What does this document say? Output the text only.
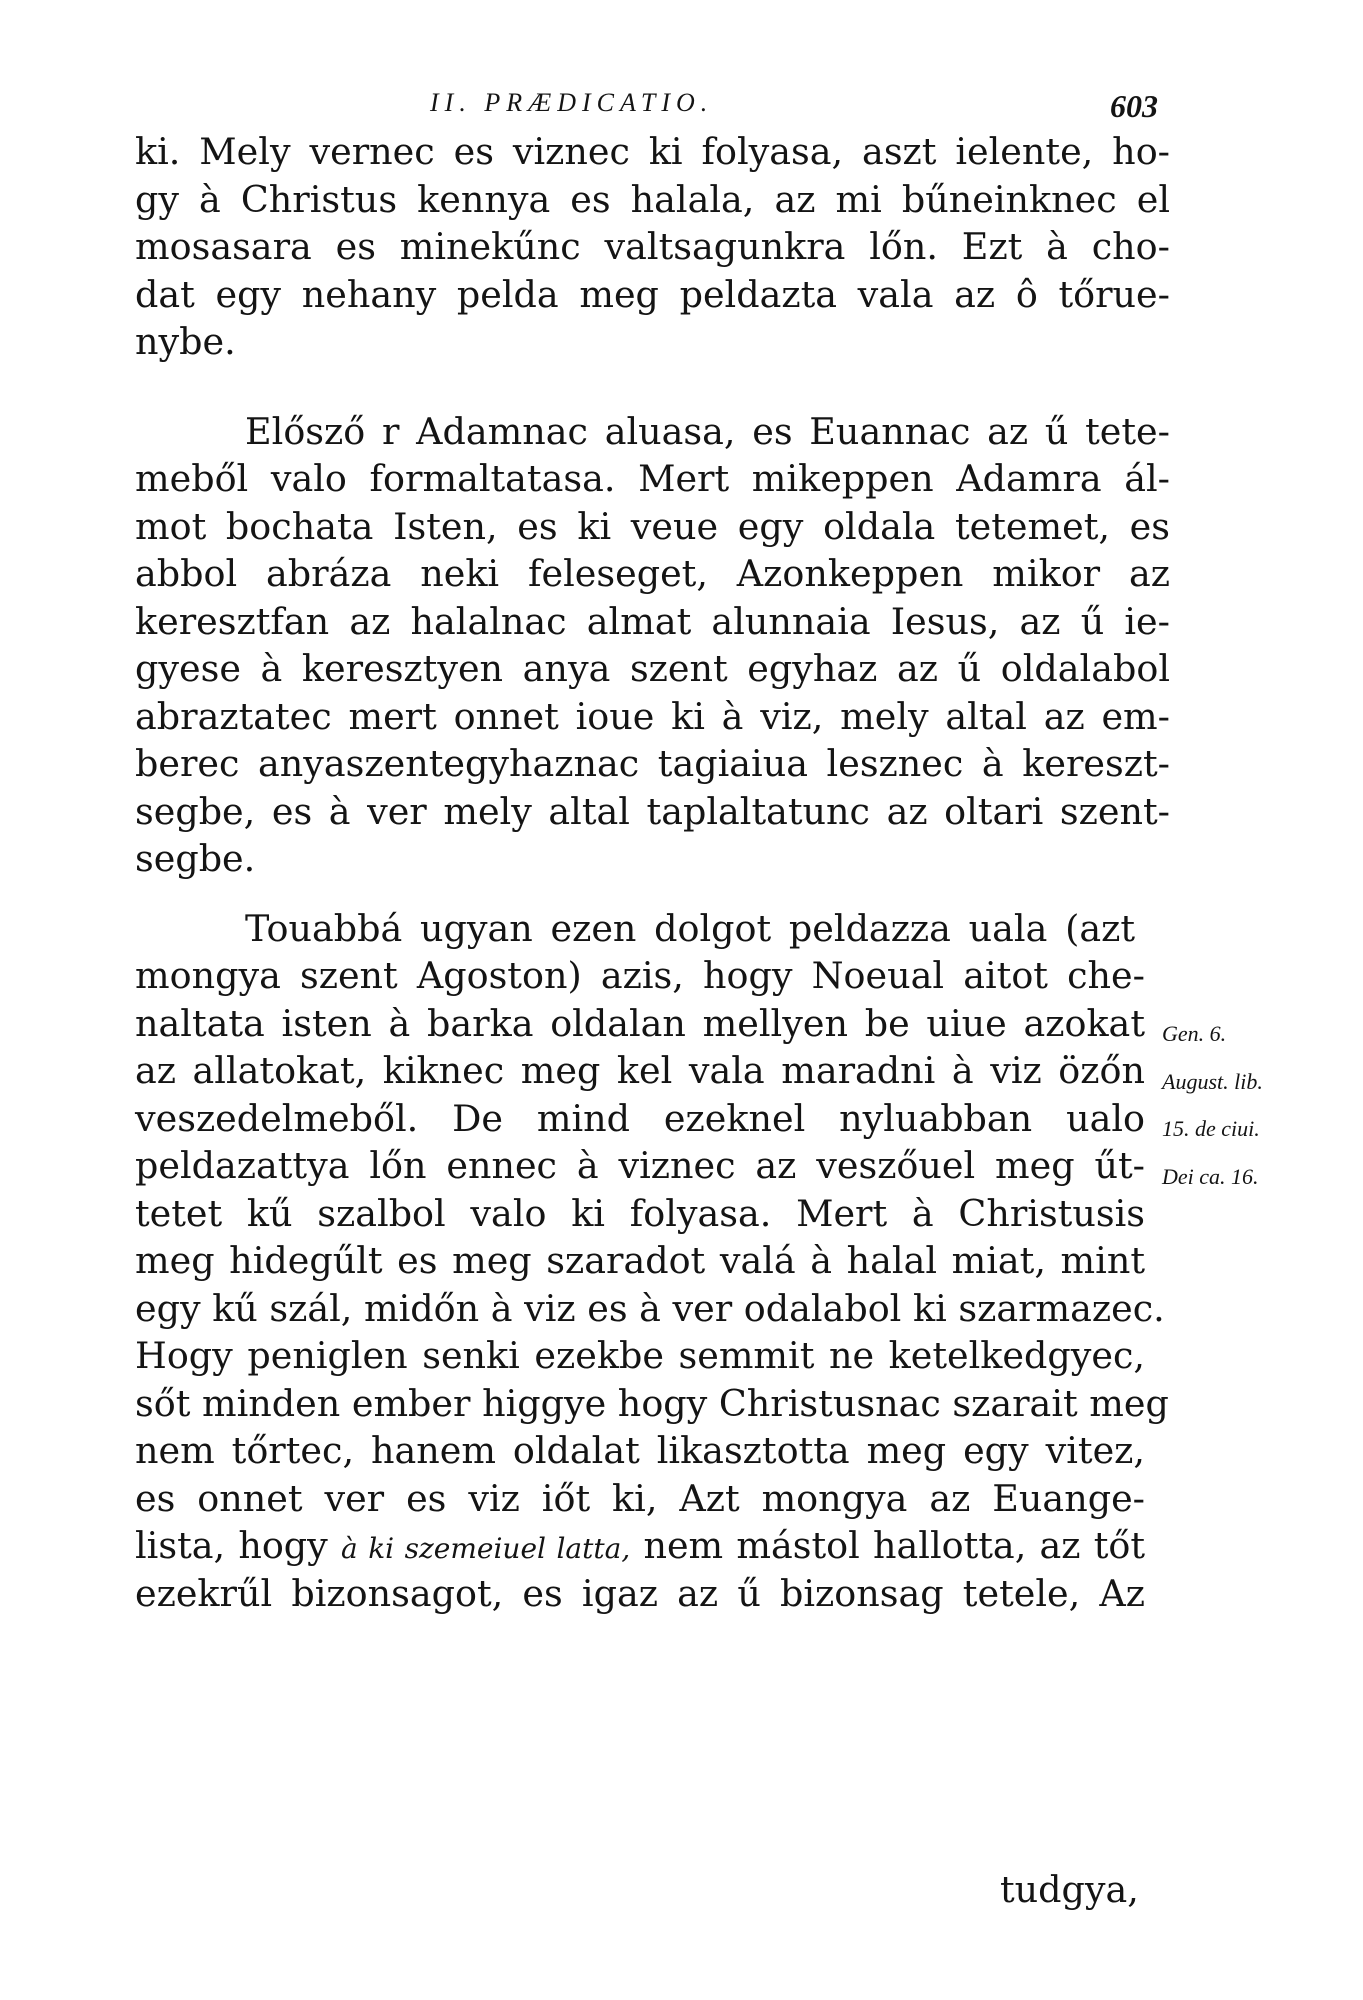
II. PRÆDICATIO.	603
ki. Mely vernec es viznec ki folyasa, aszt ielente, ho-
gy à Christus kennya es halala, az mi bűneinknec el
mosasara es minekűnc valtsagunkra lőn. Ezt à cho-
dat egy nehany pelda meg peldazta vala az ô tőrue-
nybe.
Elősző r Adamnac aluasa, es Euannac az ű tete-
meből valo formaltatasa. Mert mikeppen Adamra ál-
mot bochata Isten, es ki veue egy oldala tetemet, es
abbol abráza neki feleseget, Azonkeppen mikor az
keresztfan az halalnac almat alunnaia Iesus, az ű ie-
gyese à keresztyen anya szent egyhaz az ű oldalabol
abraztatec mert onnet ioue ki à viz, mely altal az em-
berec anyaszentegyhaznac tagiaiua lesznec à kereszt-
segbe, es à ver mely altal taplaltatunc az oltari szent-
segbe.
Touabbá ugyan ezen dolgot peldazza uala (azt
mongya szent Agoston) azis, hogy Noeual aitot che-
naltata isten à barka oldalan mellyen be uiue azokat
az allatokat, kiknec meg kel vala maradni à viz özőn
veszedelmeből. De mind ezeknel nyluabban ualo
peldazattya lőn ennec à viznec az veszőuel meg űt-
tetet kű szalbol valo ki folyasa. Mert à Christusis
meg hidegűlt es meg szaradot valá à halal miat, mint
egy kű szál, midőn à viz es à ver odalabol ki szarmazec.
Hogy peniglen senki ezekbe semmit ne ketelkedgyec,
sőt minden ember higgye hogy Christusnac szarait meg
nem tőrtec, hanem oldalat likasztotta meg egy vitez,
es onnet ver es viz iőt ki, Azt mongya az Euange-
lista, hogy à ki szemeiuel latta, nem mástol hallotta, az tőt
ezekrűl bizonsagot, es igaz az ű bizonsag tetele, Az
tudgya,
Gen. 6.
August. lib.
15. de ciui.
Dei ca. 16.
